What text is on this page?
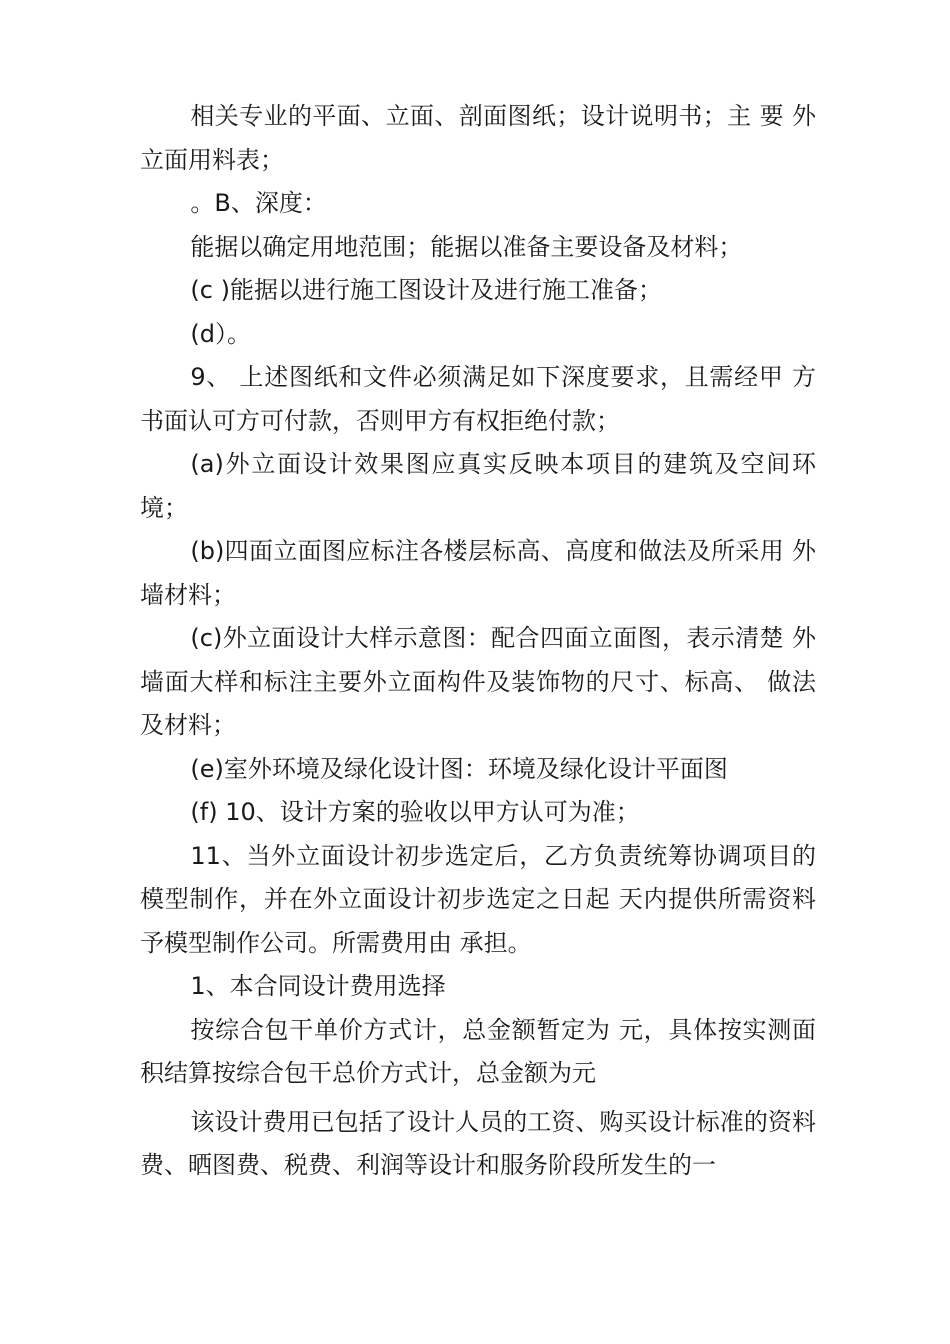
相关专业的平面、立面、剖面图纸；设计说明书；主 要 外立面用料表；

。B、深度：

能据以确定用地范围；能据以准备主要设备及材料；

(c )能据以进行施工图设计及进行施工准备；

(d）。

9、 上述图纸和文件必须满足如下深度要求，且需经甲 方书面认可方可付款，否则甲方有权拒绝付款；

(a)外立面设计效果图应真实反映本项目的建筑及空间环境；

(b)四面立面图应标注各楼层标高、高度和做法及所采用 外墙材料；

(c)外立面设计大样示意图：配合四面立面图，表示清楚 外墙面大样和标注主要外立面构件及装饰物的尺寸、标高、 做法及材料；

(e)室外环境及绿化设计图：环境及绿化设计平面图

(f) 10、设计方案的验收以甲方认可为准；

11、当外立面设计初步选定后，乙方负责统筹协调项目的模型制作，并在外立面设计初步选定之日起 天内提供所需资料予模型制作公司。所需费用由 承担。

1、本合同设计费用选择

按综合包干单价方式计，总金额暂定为 元，具体按实测面积结算按综合包干总价方式计，总金额为元

该设计费用已包括了设计人员的工资、购买设计标准的资料费、晒图费、税费、利润等设计和服务阶段所发生的一
